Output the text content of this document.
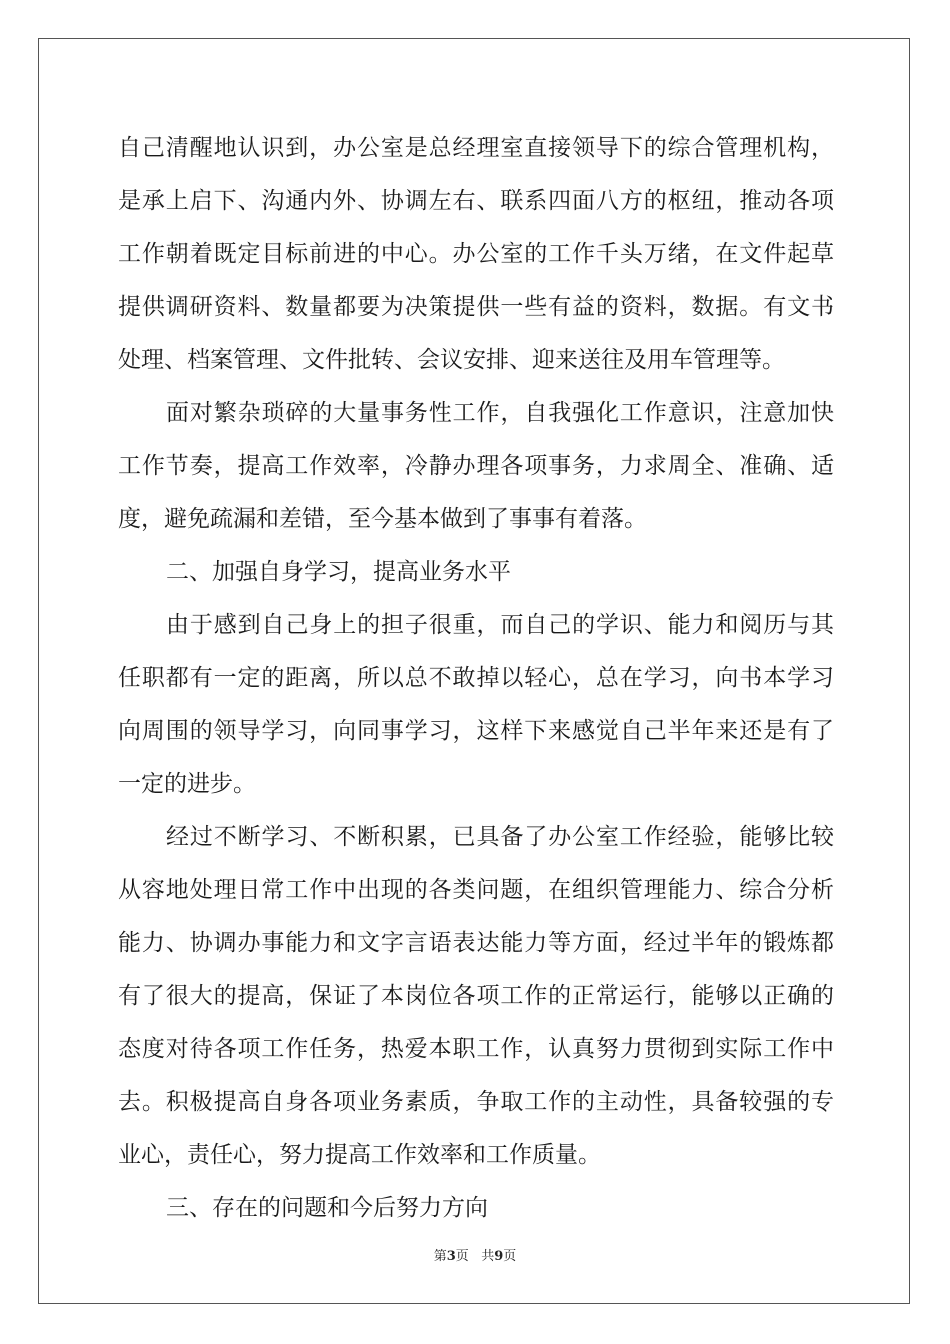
自己清醒地认识到，办公室是总经理室直接领导下的综合管理机构，
是承上启下、沟通内外、协调左右、联系四面八方的枢纽，推动各项
工作朝着既定目标前进的中心。办公室的工作千头万绪，在文件起草
提供调研资料、数量都要为决策提供一些有益的资料，数据。有文书
处理、档案管理、文件批转、会议安排、迎来送往及用车管理等。
面对繁杂琐碎的大量事务性工作，自我强化工作意识，注意加快
工作节奏，提高工作效率，冷静办理各项事务，力求周全、准确、适
度，避免疏漏和差错，至今基本做到了事事有着落。
二、加强自身学习，提高业务水平
由于感到自己身上的担子很重，而自己的学识、能力和阅历与其
任职都有一定的距离，所以总不敢掉以轻心，总在学习，向书本学习
向周围的领导学习，向同事学习，这样下来感觉自己半年来还是有了
一定的进步。
经过不断学习、不断积累，已具备了办公室工作经验，能够比较
从容地处理日常工作中出现的各类问题，在组织管理能力、综合分析
能力、协调办事能力和文字言语表达能力等方面，经过半年的锻炼都
有了很大的提高，保证了本岗位各项工作的正常运行，能够以正确的
态度对待各项工作任务，热爱本职工作，认真努力贯彻到实际工作中
去。积极提高自身各项业务素质，争取工作的主动性，具备较强的专
业心，责任心，努力提高工作效率和工作质量。
三、存在的问题和今后努力方向
第3页 共9页
